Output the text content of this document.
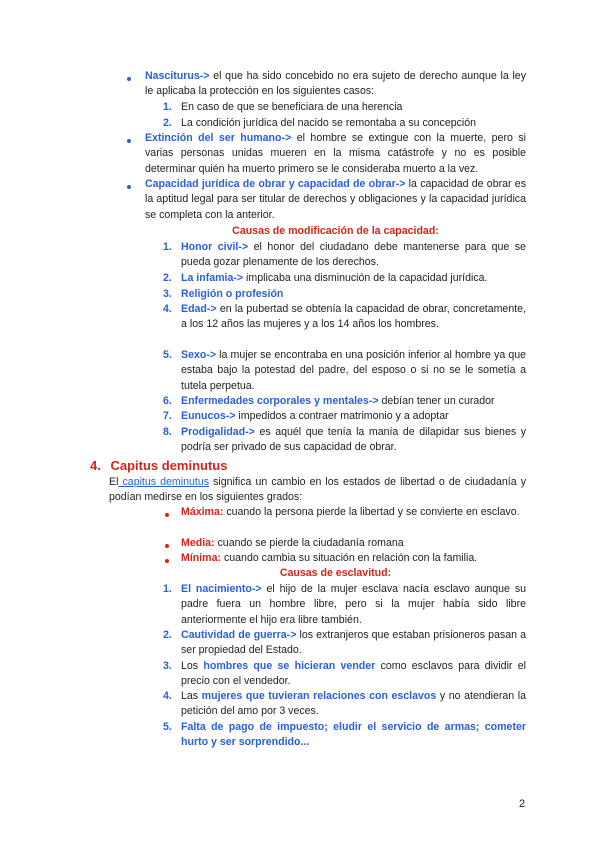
Nasciturus-> el que ha sido concebido no era sujeto de derecho aunque la ley le aplicaba la protección en los siguientes casos:
1. En caso de que se beneficiara de una herencia
2. La condición jurídica del nacido se remontaba a su concepción
Extinción del ser humano-> el hombre se extingue con la muerte, pero si varias personas unidas mueren en la misma catástrofe y no es posible determinar quién ha muerto primero se le consideraba muerto a la vez.
Capacidad jurídica de obrar y capacidad de obrar-> la capacidad de obrar es la aptitud legal para ser titular de derechos y obligaciones y la capacidad jurídica se completa con la anterior.
Causas de modificación de la capacidad:
1. Honor civil-> el honor del ciudadano debe mantenerse para que se pueda gozar plenamente de los derechos.
2. La infamia-> implicaba una disminución de la capacidad jurídica.
3. Religión o profesión
4. Edad-> en la pubertad se obtenía la capacidad de obrar, concretamente, a los 12 años las mujeres y a los 14 años los hombres.
5. Sexo-> la mujer se encontraba en una posición inferior al hombre ya que estaba bajo la potestad del padre, del esposo o si no se le sometía a tutela perpetua.
6. Enfermedades corporales y mentales-> debían tener un curador
7. Eunucos-> impedidos a contraer matrimonio y a adoptar
8. Prodigalidad-> es aquél que tenía la manía de dilapidar sus bienes y podría ser privado de sus capacidad de obrar.
4. Capitus deminutus
El capitus deminutus significa un cambio en los estados de libertad o de ciudadanía y podían medirse en los siguientes grados:
Máxima: cuando la persona pierde la libertad y se convierte en esclavo.
Media: cuando se pierde la ciudadanía romana
Mínima: cuando cambia su situación en relación con la familia.
Causas de esclavitud:
1. El nacimiento-> el hijo de la mujer esclava nacía esclavo aunque su padre fuera un hombre libre, pero si la mujer había sido libre anteriormente el hijo era libre también.
2. Cautividad de guerra-> los extranjeros que estaban prisioneros pasan a ser propiedad del Estado.
3. Los hombres que se hicieran vender como esclavos para dividir el precio con el vendedor.
4. Las mujeres que tuvieran relaciones con esclavos y no atendieran la petición del amo por 3 veces.
5. Falta de pago de impuesto; eludir el servicio de armas; cometer hurto y ser sorprendido...
2
